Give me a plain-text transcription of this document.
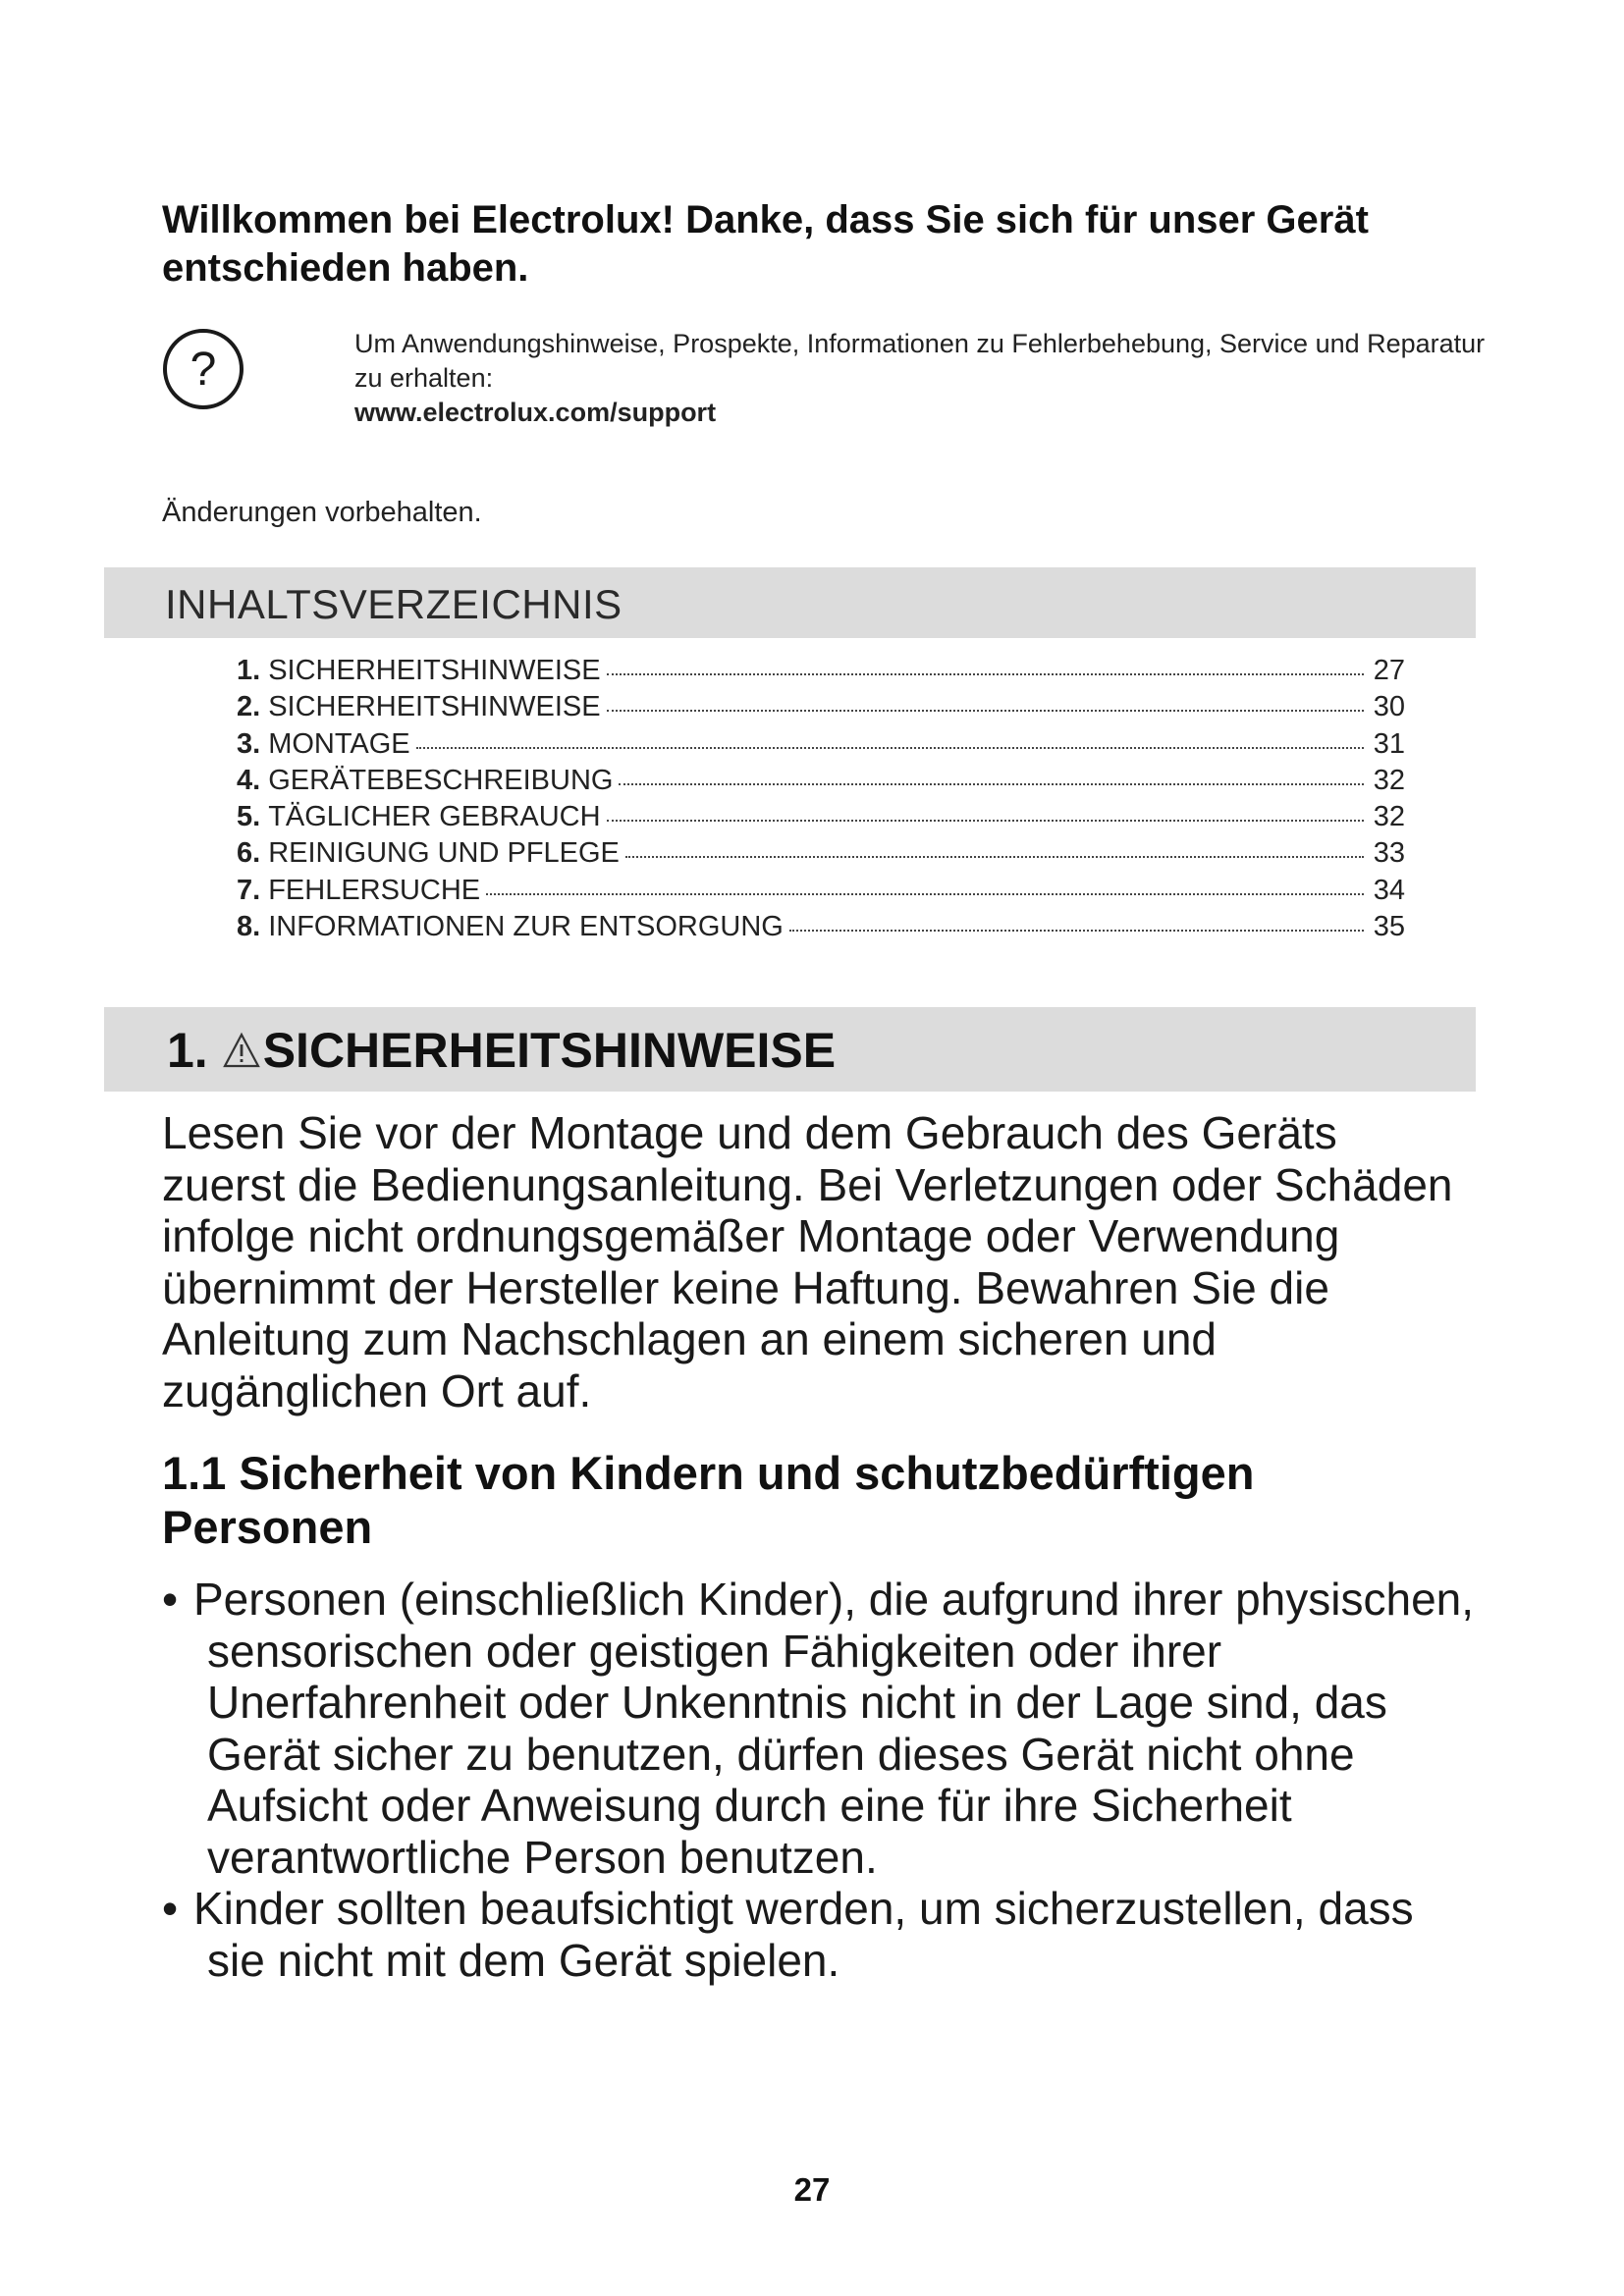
Willkommen bei Electrolux! Danke, dass Sie sich für unser Gerät entschieden haben.
?	Um Anwendungshinweise, Prospekte, Informationen zu Fehlerbehebung, Service und Reparatur zu erhalten:
www.electrolux.com/support
Änderungen vorbehalten.
INHALTSVERZEICHNIS
1. SICHERHEITSHINWEISE	27
2. SICHERHEITSHINWEISE	30
3. MONTAGE	31
4. GERÄTEBESCHREIBUNG	32
5. TÄGLICHER GEBRAUCH	32
6. REINIGUNG UND PFLEGE	33
7. FEHLERSUCHE	34
8. INFORMATIONEN ZUR ENTSORGUNG	35
1. SICHERHEITSHINWEISE
Lesen Sie vor der Montage und dem Gebrauch des Geräts zuerst die Bedienungsanleitung. Bei Verletzungen oder Schäden infolge nicht ordnungsgemäßer Montage oder Verwendung übernimmt der Hersteller keine Haftung. Bewahren Sie die Anleitung zum Nachschlagen an einem sicheren und zugänglichen Ort auf.
1.1 Sicherheit von Kindern und schutzbedürftigen Personen
• Personen (einschließlich Kinder), die aufgrund ihrer physischen, sensorischen oder geistigen Fähigkeiten oder ihrer Unerfahrenheit oder Unkenntnis nicht in der Lage sind, das Gerät sicher zu benutzen, dürfen dieses Gerät nicht ohne Aufsicht oder Anweisung durch eine für ihre Sicherheit verantwortliche Person benutzen.
• Kinder sollten beaufsichtigt werden, um sicherzustellen, dass sie nicht mit dem Gerät spielen.
27
